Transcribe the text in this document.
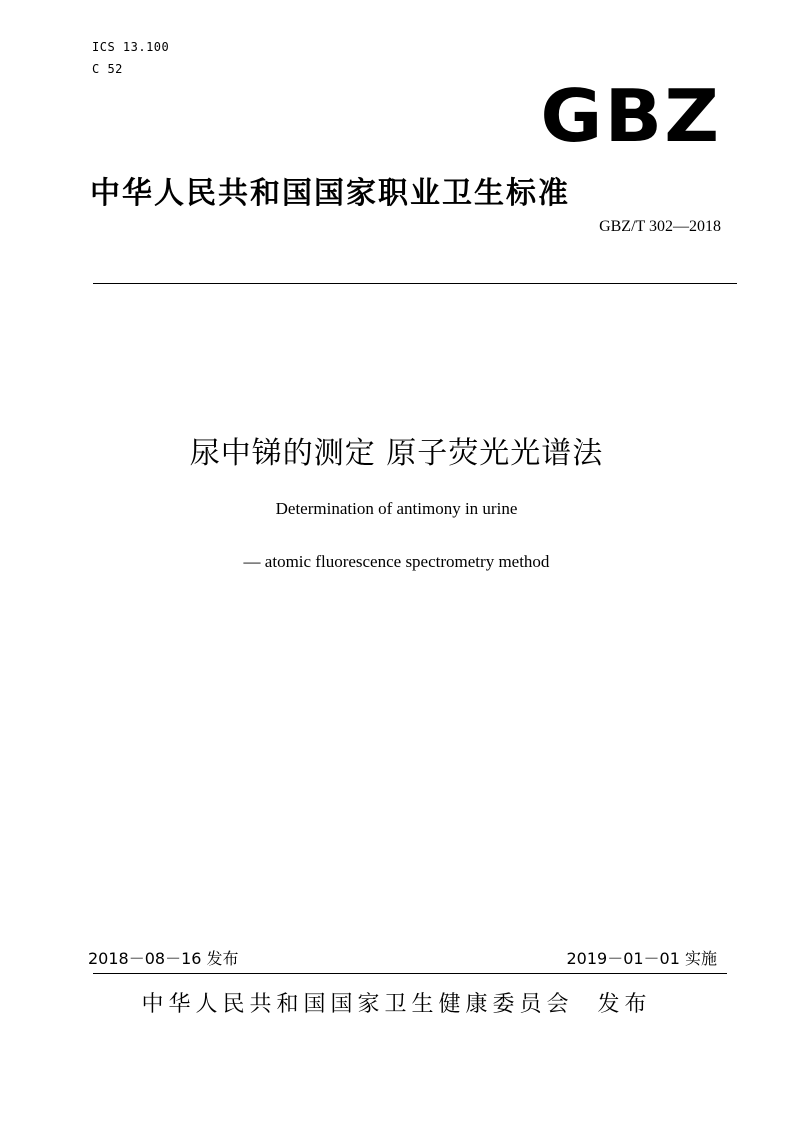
ICS 13.100
C 52
GBZ
中华人民共和国国家职业卫生标准
GBZ/T 302—2018
尿中锑的测定 原子荧光光谱法
Determination of antimony in urine
— atomic fluorescence spectrometry method
2018－08－16 发布	2019－01－01 实施
中华人民共和国国家卫生健康委员会  发布
